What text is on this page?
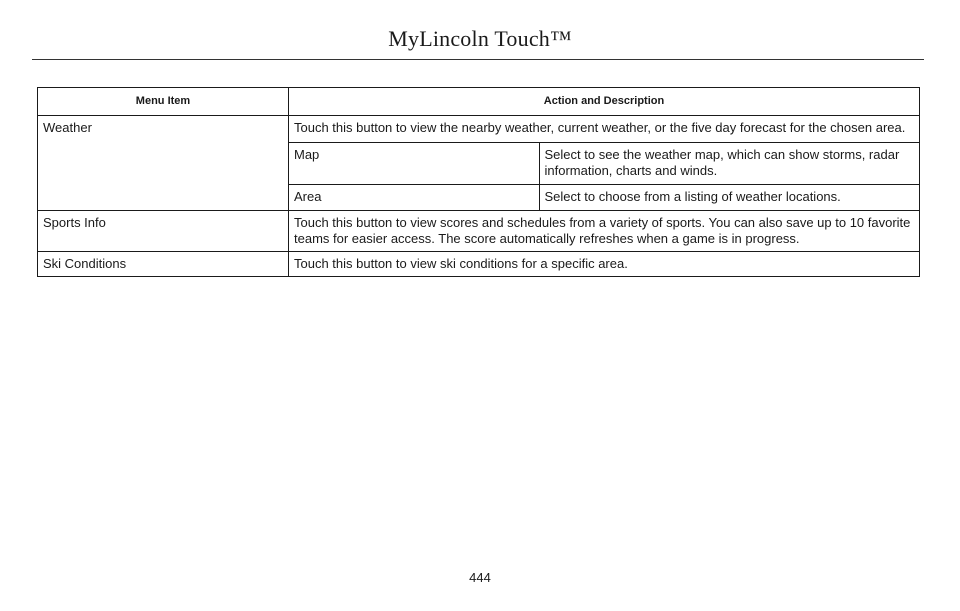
MyLincoln Touch™
Menu Item	Action and Description
Weather	Touch this button to view the nearby weather, current weather, or the five day forecast for the chosen area.
Map	Select to see the weather map, which can show storms, radar information, charts and winds.
Area	Select to choose from a listing of weather locations.

Sports Info	Touch this button to view scores and schedules from a variety of sports. You can also save up to 10 favorite teams for easier access. The score automatically refreshes when a game is in progress.
Ski Conditions	Touch this button to view ski conditions for a specific area.
444
